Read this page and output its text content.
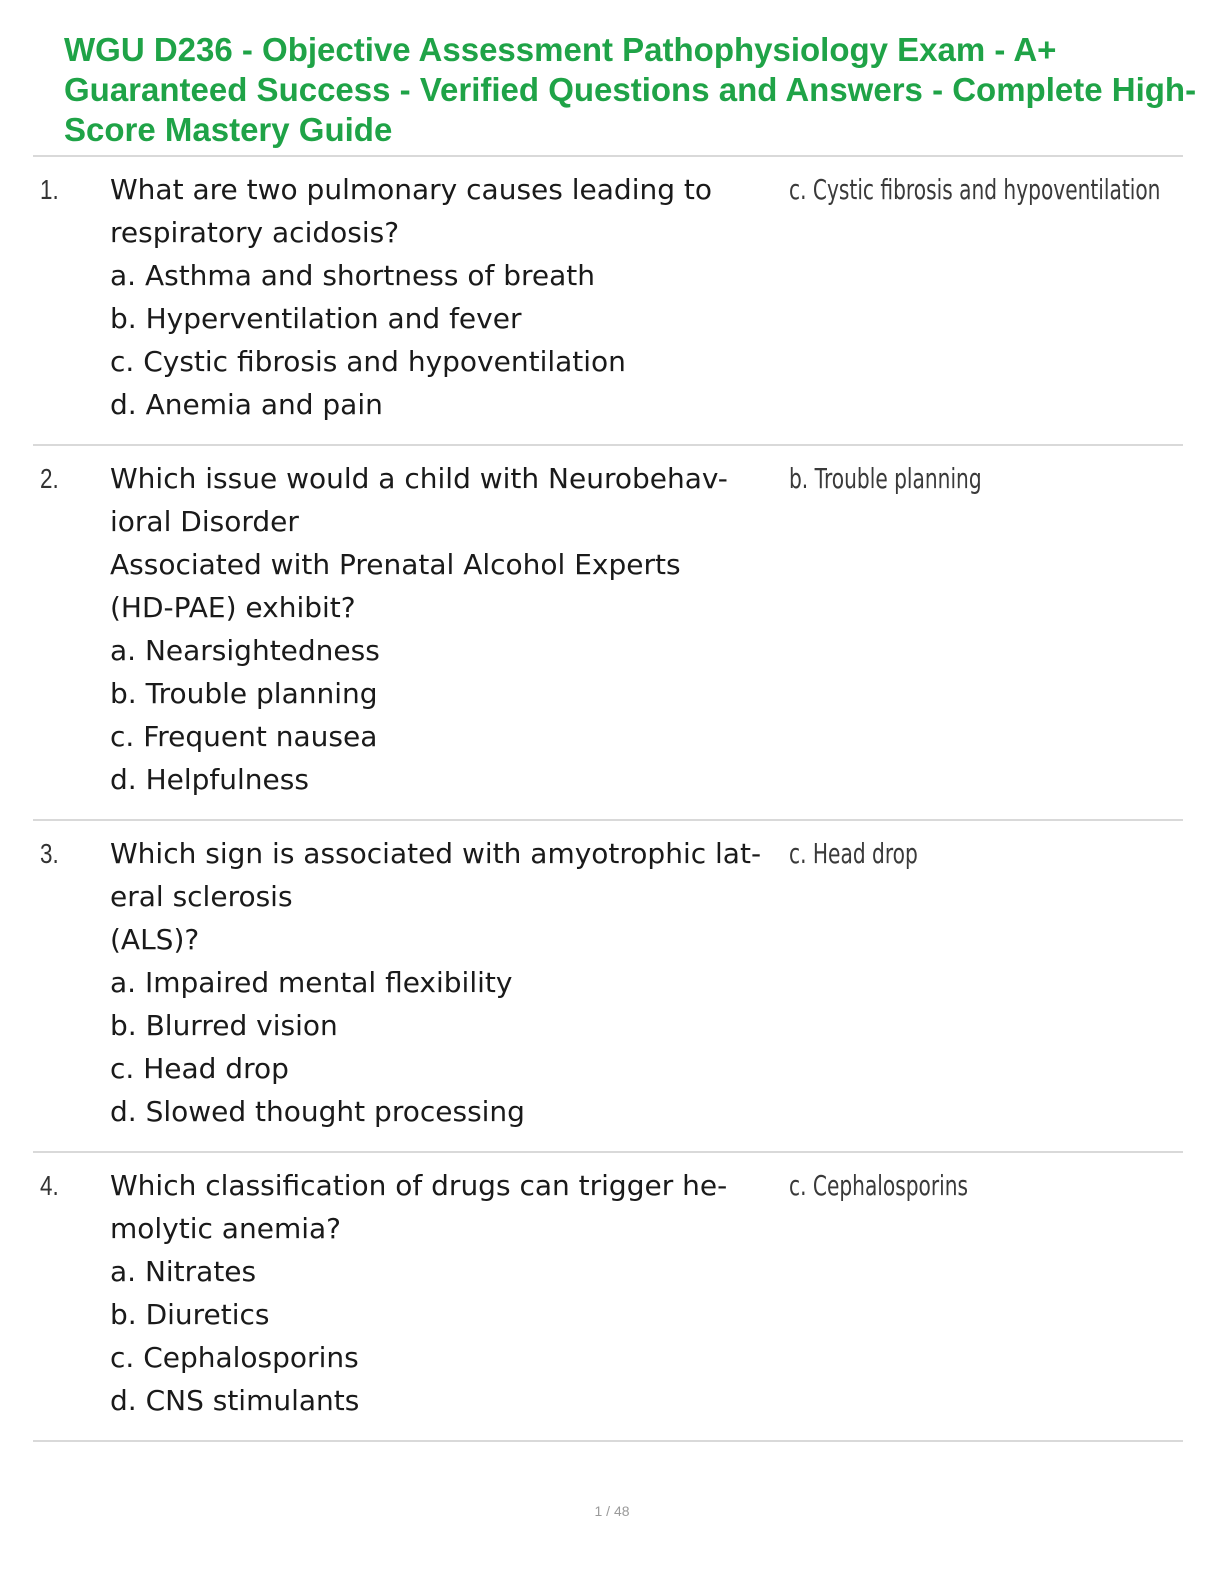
WGU D236 - Objective Assessment Pathophysiology Exam - A+ Guaranteed Success - Verified Questions and Answers - Complete High-Score Mastery Guide
1. What are two pulmonary causes leading to
respiratory acidosis?
a. Asthma and shortness of breath
b. Hyperventilation and fever
c. Cystic fibrosis and hypoventilation
d. Anemia and pain
c. Cystic fibrosis and hypoventilation
2. Which issue would a child with Neurobehav-
ioral Disorder
Associated with Prenatal Alcohol Experts
(HD-PAE) exhibit?
a. Nearsightedness
b. Trouble planning
c. Frequent nausea
d. Helpfulness
b. Trouble planning
3. Which sign is associated with amyotrophic lat-
eral sclerosis
(ALS)?
a. Impaired mental flexibility
b. Blurred vision
c. Head drop
d. Slowed thought processing
c. Head drop
4. Which classification of drugs can trigger he-
molytic anemia?
a. Nitrates
b. Diuretics
c. Cephalosporins
d. CNS stimulants
c. Cephalosporins
1 / 48
